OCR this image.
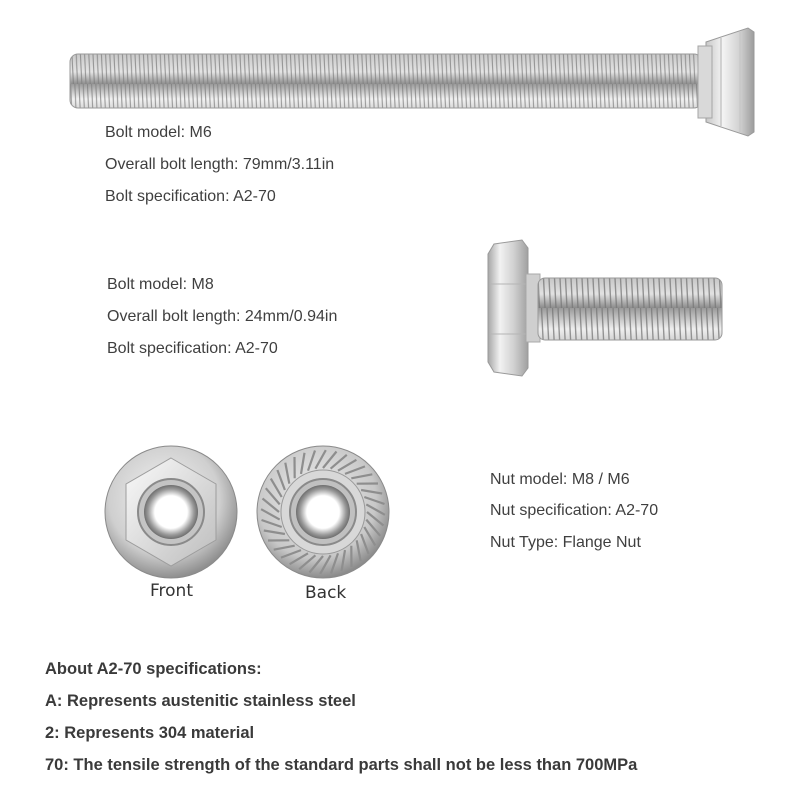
Bolt model: M6
Overall bolt length: 79mm/3.11in
Bolt specification: A2-70
Bolt model: M8
Overall bolt length: 24mm/0.94in
Bolt specification: A2-70
Front	Back
Nut model: M8 / M6
Nut specification: A2-70
Nut Type: Flange Nut
About A2-70 specifications:
A: Represents austenitic stainless steel
2: Represents 304 material
70: The tensile strength of the standard parts shall not be less than 700MPa
